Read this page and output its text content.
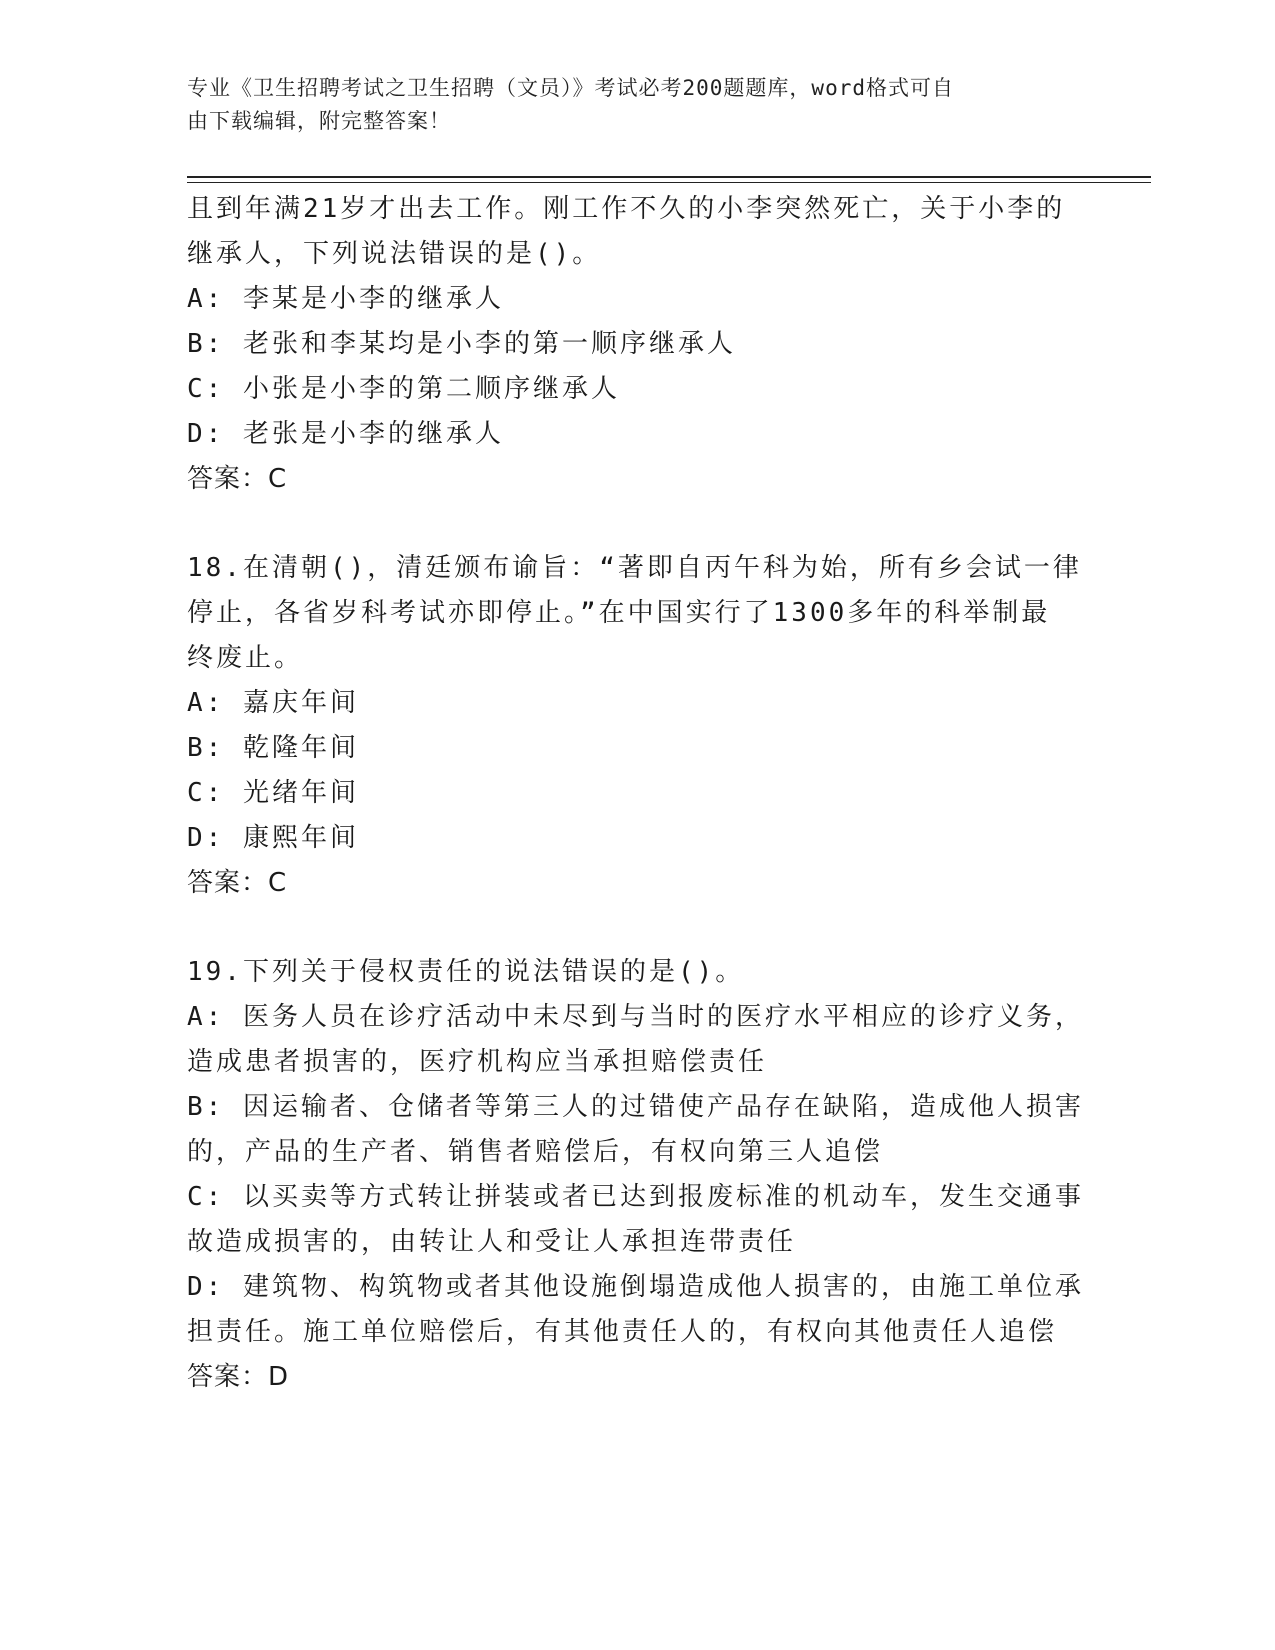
专业《卫生招聘考试之卫生招聘（文员）》考试必考200题题库，word格式可自
由下载编辑，附完整答案！
且到年满21岁才出去工作。刚工作不久的小李突然死亡，关于小李的
继承人，下列说法错误的是()。
A: 李某是小李的继承人
B: 老张和李某均是小李的第一顺序继承人
C: 小张是小李的第二顺序继承人
D: 老张是小李的继承人
答案：C
18.在清朝()，清廷颁布谕旨：“著即自丙午科为始，所有乡会试一律
停止，各省岁科考试亦即停止。”在中国实行了1300多年的科举制最
终废止。
A: 嘉庆年间
B: 乾隆年间
C: 光绪年间
D: 康熙年间
答案：C
19.下列关于侵权责任的说法错误的是()。
A: 医务人员在诊疗活动中未尽到与当时的医疗水平相应的诊疗义务，
造成患者损害的，医疗机构应当承担赔偿责任
B: 因运输者、仓储者等第三人的过错使产品存在缺陷，造成他人损害
的，产品的生产者、销售者赔偿后，有权向第三人追偿
C: 以买卖等方式转让拼装或者已达到报废标准的机动车，发生交通事
故造成损害的，由转让人和受让人承担连带责任
D: 建筑物、构筑物或者其他设施倒塌造成他人损害的，由施工单位承
担责任。施工单位赔偿后，有其他责任人的，有权向其他责任人追偿
答案：D
